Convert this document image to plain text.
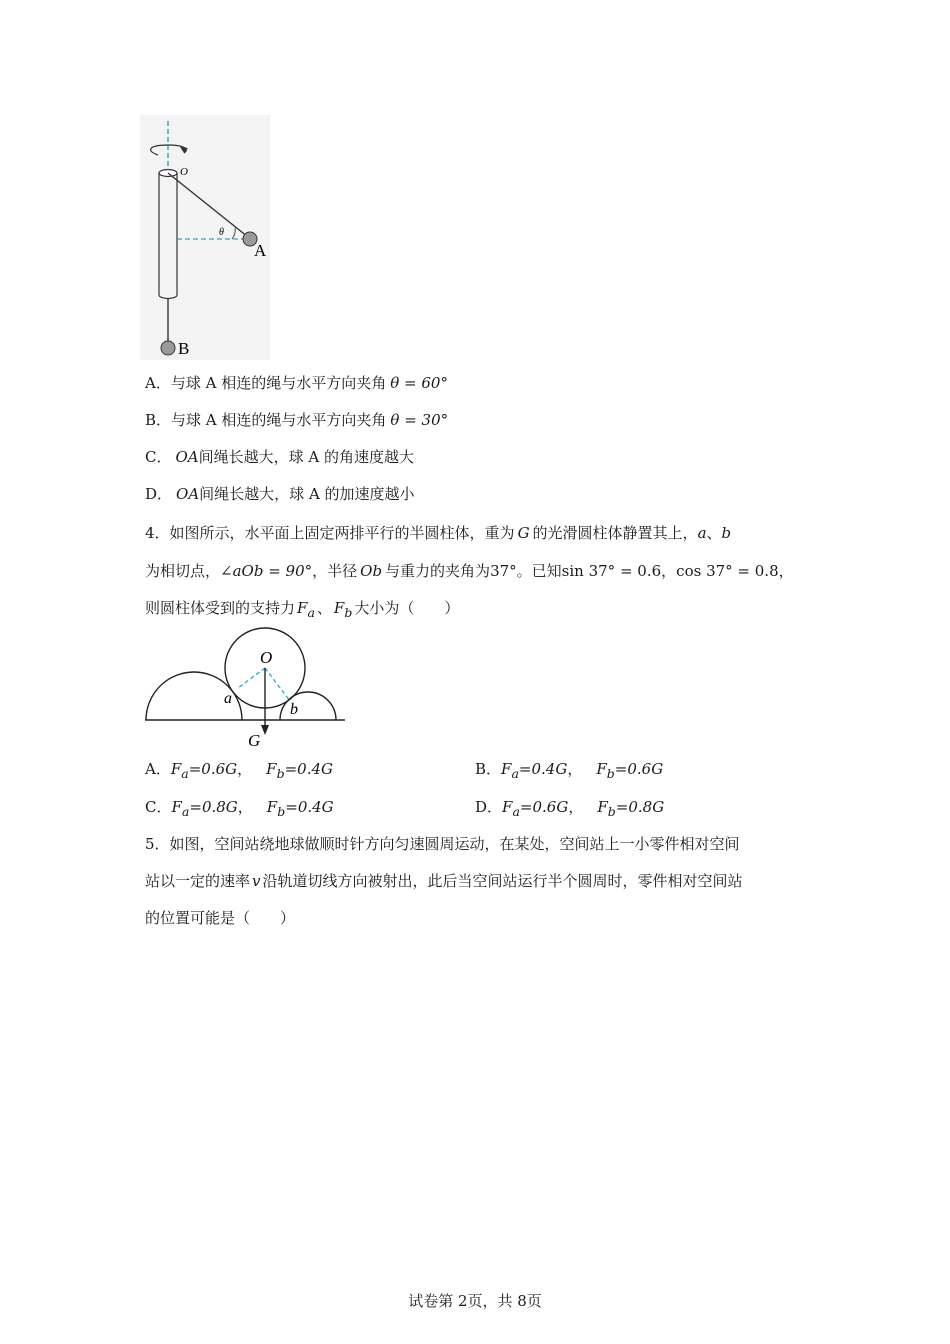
O
θ
A
B
A．与球 A 相连的绳与水平方向夹角 θ = 60°
B．与球 A 相连的绳与水平方向夹角 θ = 30°
C． OA间绳长越大，球 A 的角速度越大
D． OA间绳长越大，球 A 的加速度越小
4．如图所示，水平面上固定两排平行的半圆柱体，重为 G 的光滑圆柱体静置其上，a、b
为相切点，∠aOb = 90°，半径 Ob 与重力的夹角为37°。已知sin 37° = 0.6，cos 37° = 0.8，
则圆柱体受到的支持力 $F_a$ 、 $F_b$ 大小为（　　）
O
a
b
G
A．$F_a=0.6G$， $F_b=0.4G$	B．$F_a=0.4G$， $F_b=0.6G$
C．$F_a=0.8G$， $F_b=0.4G$	D．$F_a=0.6G$， $F_b=0.8G$
5．如图，空间站绕地球做顺时针方向匀速圆周运动，在某处，空间站上一小零件相对空间
站以一定的速率 v 沿轨道切线方向被射出，此后当空间站运行半个圆周时，零件相对空间站
的位置可能是（　　）
试卷第 2页，共 8页
